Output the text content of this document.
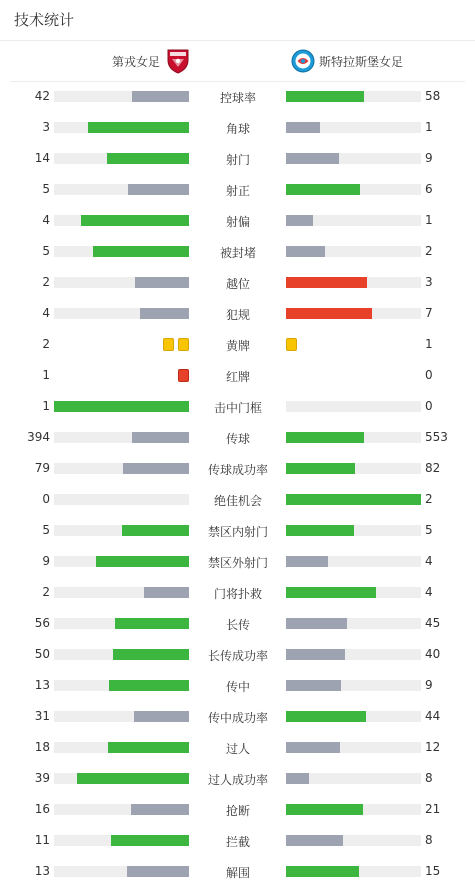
技术统计
第戎女足	斯特拉斯堡女足
42	控球率	58
3	角球	1
14	射门	9
5	射正	6
4	射偏	1
5	被封堵	2
2	越位	3
4	犯规	7
2	黄牌	1
1	红牌	0
1	击中门框	0
394	传球	553
79	传球成功率	82
0	绝佳机会	2
5	禁区内射门	5
9	禁区外射门	4
2	门将扑救	4
56	长传	45
50	长传成功率	40
13	传中	9
31	传中成功率	44
18	过人	12
39	过人成功率	8
16	抢断	21
11	拦截	8
13	解围	15
